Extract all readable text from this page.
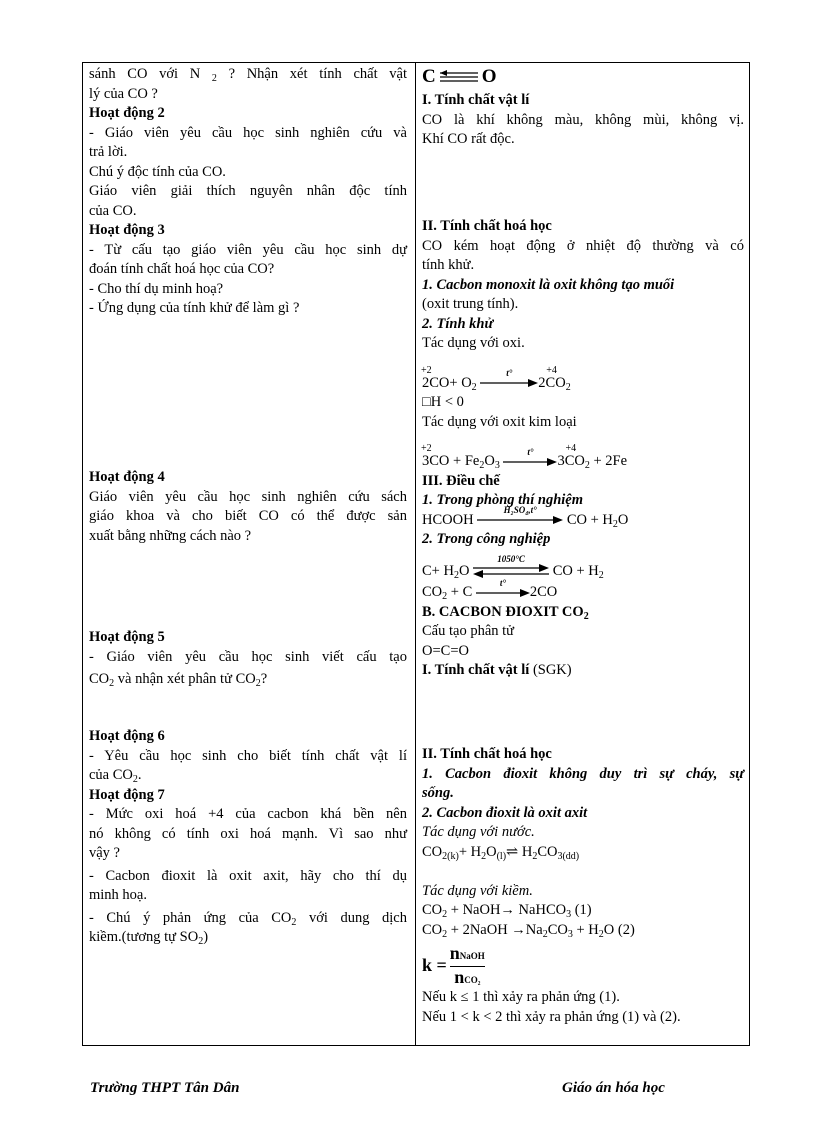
sánh CO với N $_2$ ? Nhận xét tính chất vật
lý của CO ?
Hoạt động 2
- Giáo viên yêu cầu học sinh nghiên cứu và
trả lời.
Chú ý độc tính của CO.
Giáo viên giải thích nguyên nhân độc tính
của CO.
Hoạt động 3
- Từ cấu tạo giáo viên yêu cầu học sinh dự
đoán tính chất hoá học của CO?
- Cho thí dụ minh hoạ?
- Ứng dụng của tính khử để làm gì ?
Hoạt động 4
Giáo viên yêu cầu học sinh nghiên cứu sách
giáo khoa và cho biết CO có thể được sản
xuất bằng những cách nào ?
Hoạt động 5
- Giáo viên yêu cầu học sinh viết cấu tạo
$CO_2$ và nhận xét phân tử $CO_2$?
Hoạt động 6
- Yêu cầu học sinh cho biết tính chất vật lí
của $CO_2$.
Hoạt động 7
- Mức oxi hoá +4 của cacbon khá bền nên
nó không có tính oxi hoá mạnh. Vì sao như
vậy ?
- Cacbon đioxit là oxit axit, hãy cho thí dụ
minh hoạ.
- Chú ý phản ứng của $CO_2$ với dung dịch
kiềm.(tương tự $SO_2$)
C O
I. Tính chất vật lí
CO là khí không màu, không mùi, không vị.
Khí CO rất độc.
II. Tính chất hoá học
CO kém hoạt động ở nhiệt độ thường và có
tính khử.
1. Cacbon monoxit là oxit không tạo muối
(oxit trung tính).
2. Tính khử
Tác dụng với oxi.
+2
$2CO+ O_2$
t°	+4
$2CO_2$
□H < 0
Tác dụng với oxit kim loại
+2
$3CO + Fe_2O_3$
t°	+4
$3CO_2 + 2Fe$
III. Điều chế
1. Trong phòng thí nghiệm
HCOOH
H₂SO₄,t°
CO + $H_2O$
2. Trong công nghiệp
$C+ H_2O$
1050°C
CO + $H_2$
$CO_2 + C$
t°
2CO
B. CACBON ĐIOXIT $CO_2$
Cấu tạo phân tử
O=C=O
I. Tính chất vật lí (SGK)
II. Tính chất hoá học
1. Cacbon đioxit không duy trì sự cháy, sự
sống.
2. Cacbon đioxit là oxit axit
Tác dụng với nước.
$CO_{2(k)}+$ $H_2O_{(l)}\rightleftharpoons$ $H_2CO_{3(dd)}$
Tác dụng với kiềm.
$CO_2$ + NaOH→ NaHCO$_3$ (1)
$CO_2$ + 2NaOH $\to Na_2CO_3 + H_2O$ (2)
$k = \frac{\text{nNaOH}}{\text{nCO₂}}$
Nếu k ≤ 1 thì xảy ra phản ứng (1).
Nếu 1 < k < 2 thì xảy ra phản ứng (1) và (2).
Trường THPT Tân Dân	Giáo án hóa học
